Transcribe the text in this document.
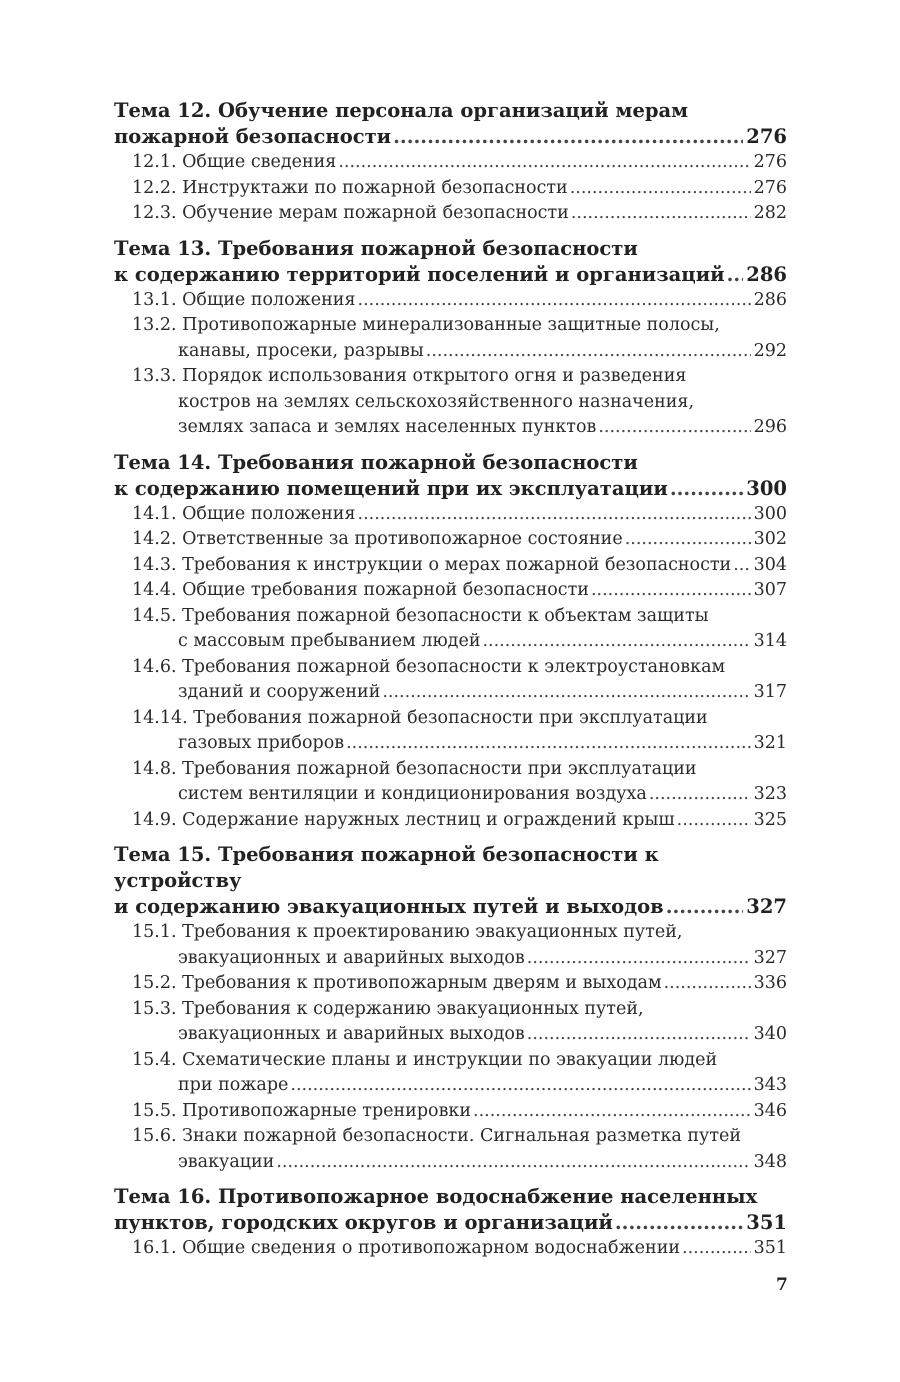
Тема 12. Обучение персонала организаций мерам
пожарной безопасности .....	276
12.1. Общие сведения .....	276
12.2. Инструктажи по пожарной безопасности .....	276
12.3. Обучение мерам пожарной безопасности .....	282
Тема 13. Требования пожарной безопасности
к содержанию территорий поселений и организаций ..... 286
13.1. Общие положения .....	286
13.2. Противопожарные минерализованные защитные полосы,
канавы, просеки, разрывы .....	292
13.3. Порядок использования открытого огня и разведения
костров на землях сельскохозяйственного назначения,
землях запаса и землях населенных пунктов .....	296
Тема 14. Требования пожарной безопасности
к содержанию помещений при их эксплуатации .....	300
14.1. Общие положения .....	300
14.2. Ответственные за противопожарное состояние .....	302
14.3. Требования к инструкции о мерах пожарной безопасности ..... 304
14.4. Общие требования пожарной безопасности .....	307
14.5. Требования пожарной безопасности к объектам защиты
с массовым пребыванием людей .....	314
14.6. Требования пожарной безопасности к электроустановкам
зданий и сооружений .....	317
14.14. Требования пожарной безопасности при эксплуатации
газовых приборов .....	321
14.8. Требования пожарной безопасности при эксплуатации
систем вентиляции и кондиционирования воздуха .....	323
14.9. Содержание наружных лестниц и ограждений крыш .....	325
Тема 15. Требования пожарной безопасности к устройству
и содержанию эвакуационных путей и выходов .....	327
15.1. Требования к проектированию эвакуационных путей,
эвакуационных и аварийных выходов .....	327
15.2. Требования к противопожарным дверям и выходам .....	336
15.3. Требования к содержанию эвакуационных путей,
эвакуационных и аварийных выходов .....	340
15.4. Схематические планы и инструкции по эвакуации людей
при пожаре .....	343
15.5. Противопожарные тренировки .....	346
15.6. Знаки пожарной безопасности. Сигнальная разметка путей
эвакуации .....	348
Тема 16. Противопожарное водоснабжение населенных
пунктов, городских округов и организаций .....	351
16.1. Общие сведения о противопожарном водоснабжении .....	351
7
